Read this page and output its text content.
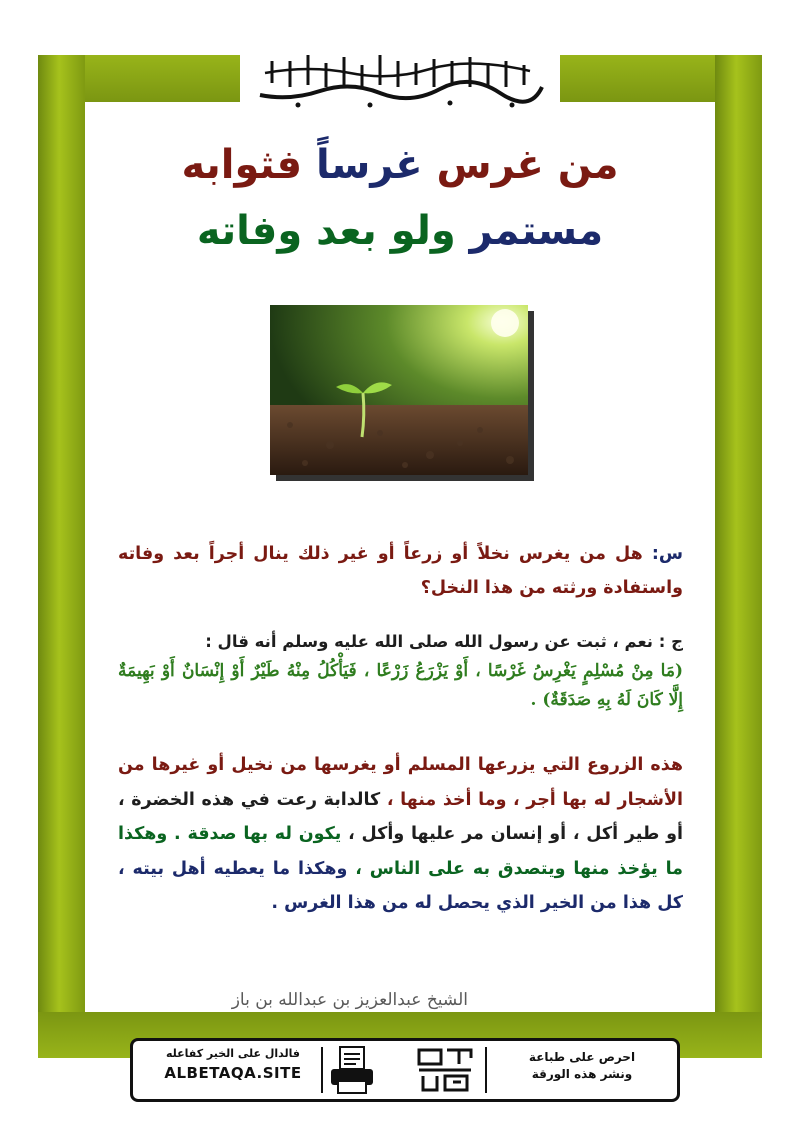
من غرس غرساً فثوابه
مستمر ولو بعد وفاته
س: هل من يغرس نخلاً أو زرعاً أو غير ذلك ينال أجراً بعد وفاته واستفادة ورثته من هذا النخل؟
ج : نعم ، ثبت عن رسول الله صلى الله عليه وسلم أنه قال :
(مَا مِنْ مُسْلِمٍ يَغْرِسُ غَرْسًا ، أَوْ يَزْرَعُ زَرْعًا ، فَيَأْكُلُ مِنْهُ طَيْرٌ أَوْ إِنْسَانٌ أَوْ بَهِيمَةٌ إِلَّا كَانَ لَهُ بِهِ صَدَقَةٌ) .
هذه الزروع التي يزرعها المسلم أو يغرسها من نخيل أو غيرها من الأشجار له بها أجر ، وما أخذ منها ، كالدابة رعت في هذه الخضرة ، أو طير أكل ، أو إنسان مر عليها وأكل ، يكون له بها صدقة . وهكذا ما يؤخذ منها ويتصدق به على الناس ، وهكذا ما يعطيه أهل بيته ، كل هذا من الخير الذي يحصل له من هذا الغرس .
الشيخ عبدالعزيز بن عبدالله بن باز
احرص على طباعة
ونشر هذه الورقة
فالدال على الخير كفاعله
ALBETAQA.SITE
